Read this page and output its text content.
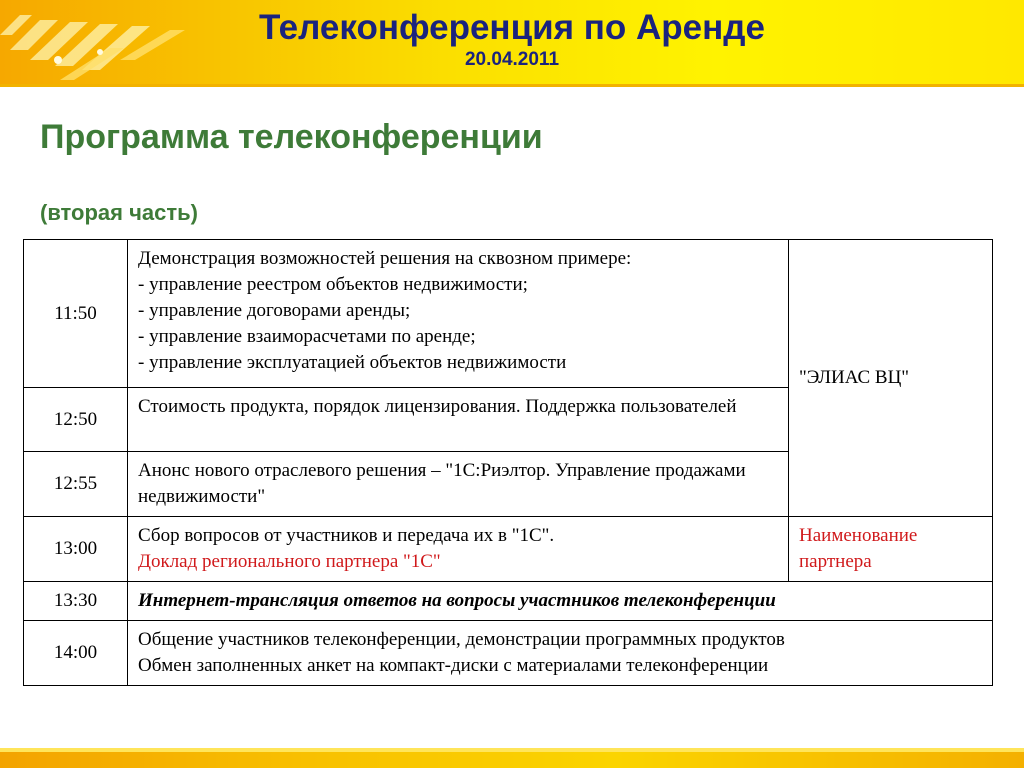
Телеконференция по Аренде
20.04.2011
Программа телеконференции
(вторая часть)
11:50	Демонстрация возможностей решения на сквозном примере:
- управление реестром объектов недвижимости;
- управление договорами аренды;
- управление взаиморасчетами по аренде;
- управление эксплуатацией объектов недвижимости	"ЭЛИАС ВЦ"
12:50	Стоимость продукта, порядок лицензирования. Поддержка пользователей	
12:55	Анонс нового отраслевого решения – "1С:Риэлтор. Управление продажами недвижимости"	
13:00	Сбор вопросов от участников и передача их в "1С".
Доклад регионального партнера "1С"	Наименование партнера
13:30	Интернет-трансляция ответов на вопросы участников телеконференции	
14:00	Общение участников телеконференции, демонстрации программных продуктов
Обмен заполненных анкет на компакт-диски с материалами телеконференции	
